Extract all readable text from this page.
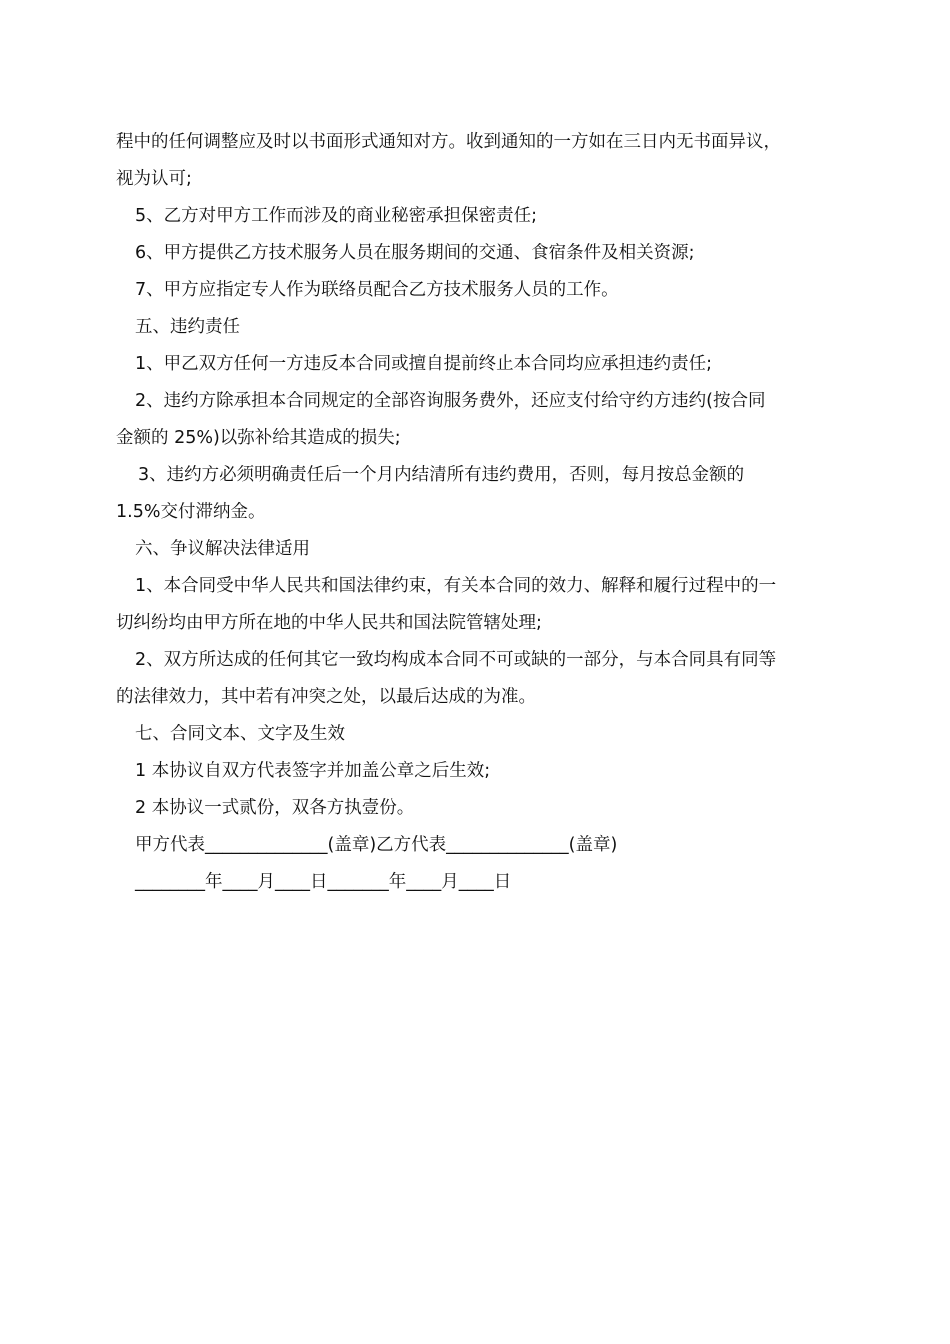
程中的任何调整应及时以书面形式通知对方。收到通知的一方如在三日内无书面异议，
视为认可;
5、乙方对甲方工作而涉及的商业秘密承担保密责任;
6、甲方提供乙方技术服务人员在服务期间的交通、食宿条件及相关资源;
7、甲方应指定专人作为联络员配合乙方技术服务人员的工作。
五、违约责任
1、甲乙双方任何一方违反本合同或擅自提前终止本合同均应承担违约责任;
2、违约方除承担本合同规定的全部咨询服务费外，还应支付给守约方违约(按合同
金额的 25%)以弥补给其造成的损失;
3、违约方必须明确责任后一个月内结清所有违约费用，否则，每月按总金额的
1.5%交付滞纳金。
六、争议解决法律适用
1、本合同受中华人民共和国法律约束，有关本合同的效力、解释和履行过程中的一
切纠纷均由甲方所在地的中华人民共和国法院管辖处理;
2、双方所达成的任何其它一致均构成本合同不可或缺的一部分，与本合同具有同等
的法律效力，其中若有冲突之处，以最后达成的为准。
七、合同文本、文字及生效
1 本协议自双方代表签字并加盖公章之后生效;
2 本协议一式贰份，双各方执壹份。
甲方代表______________(盖章)乙方代表______________(盖章)
________年____月____日_______年____月____日
